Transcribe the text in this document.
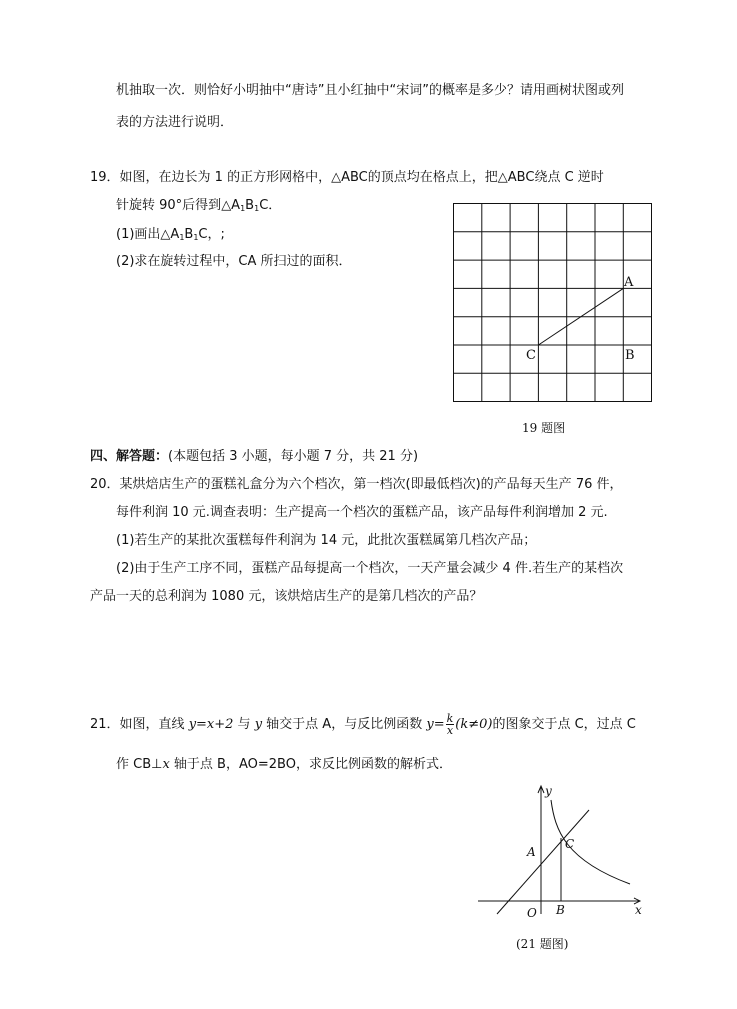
机抽取一次．则恰好小明抽中“唐诗”且小红抽中“宋词”的概率是多少？请用画树状图或列
表的方法进行说明．
19．如图，在边长为 1 的正方形网格中，△ABC的顶点均在格点上，把△ABC绕点 C 逆时
针旋转 90°后得到$\triangle A_1B_1C$．
(1)画出$\triangle A_1B_1C$，;
(2)求在旋转过程中，CA 所扫过的面积．
A
C	B
19 题图
y
x
A
C
O B
(21 题图)
四、解答题：(本题包括 3 小题，每小题 7 分，共 21 分)
20．某烘焙店生产的蛋糕礼盒分为六个档次，第一档次(即最低档次)的产品每天生产 76 件，
每件利润 10 元.调查表明：生产提高一个档次的蛋糕产品，该产品每件利润增加 2 元.
(1)若生产的某批次蛋糕每件利润为 14 元，此批次蛋糕属第几档次产品；
(2)由于生产工序不同，蛋糕产品每提高一个档次，一天产量会减少 4 件.若生产的某档次
产品一天的总利润为 1080 元，该烘焙店生产的是第几档次的产品？
21．如图，直线 y=x+2 与 y 轴交于点 A，与反比例函数 $y= \frac{k}{x} (k\ne 0)$的图象交于点 C，过点 C
作 CB⊥x 轴于点 B，AO=2BO，求反比例函数的解析式．
